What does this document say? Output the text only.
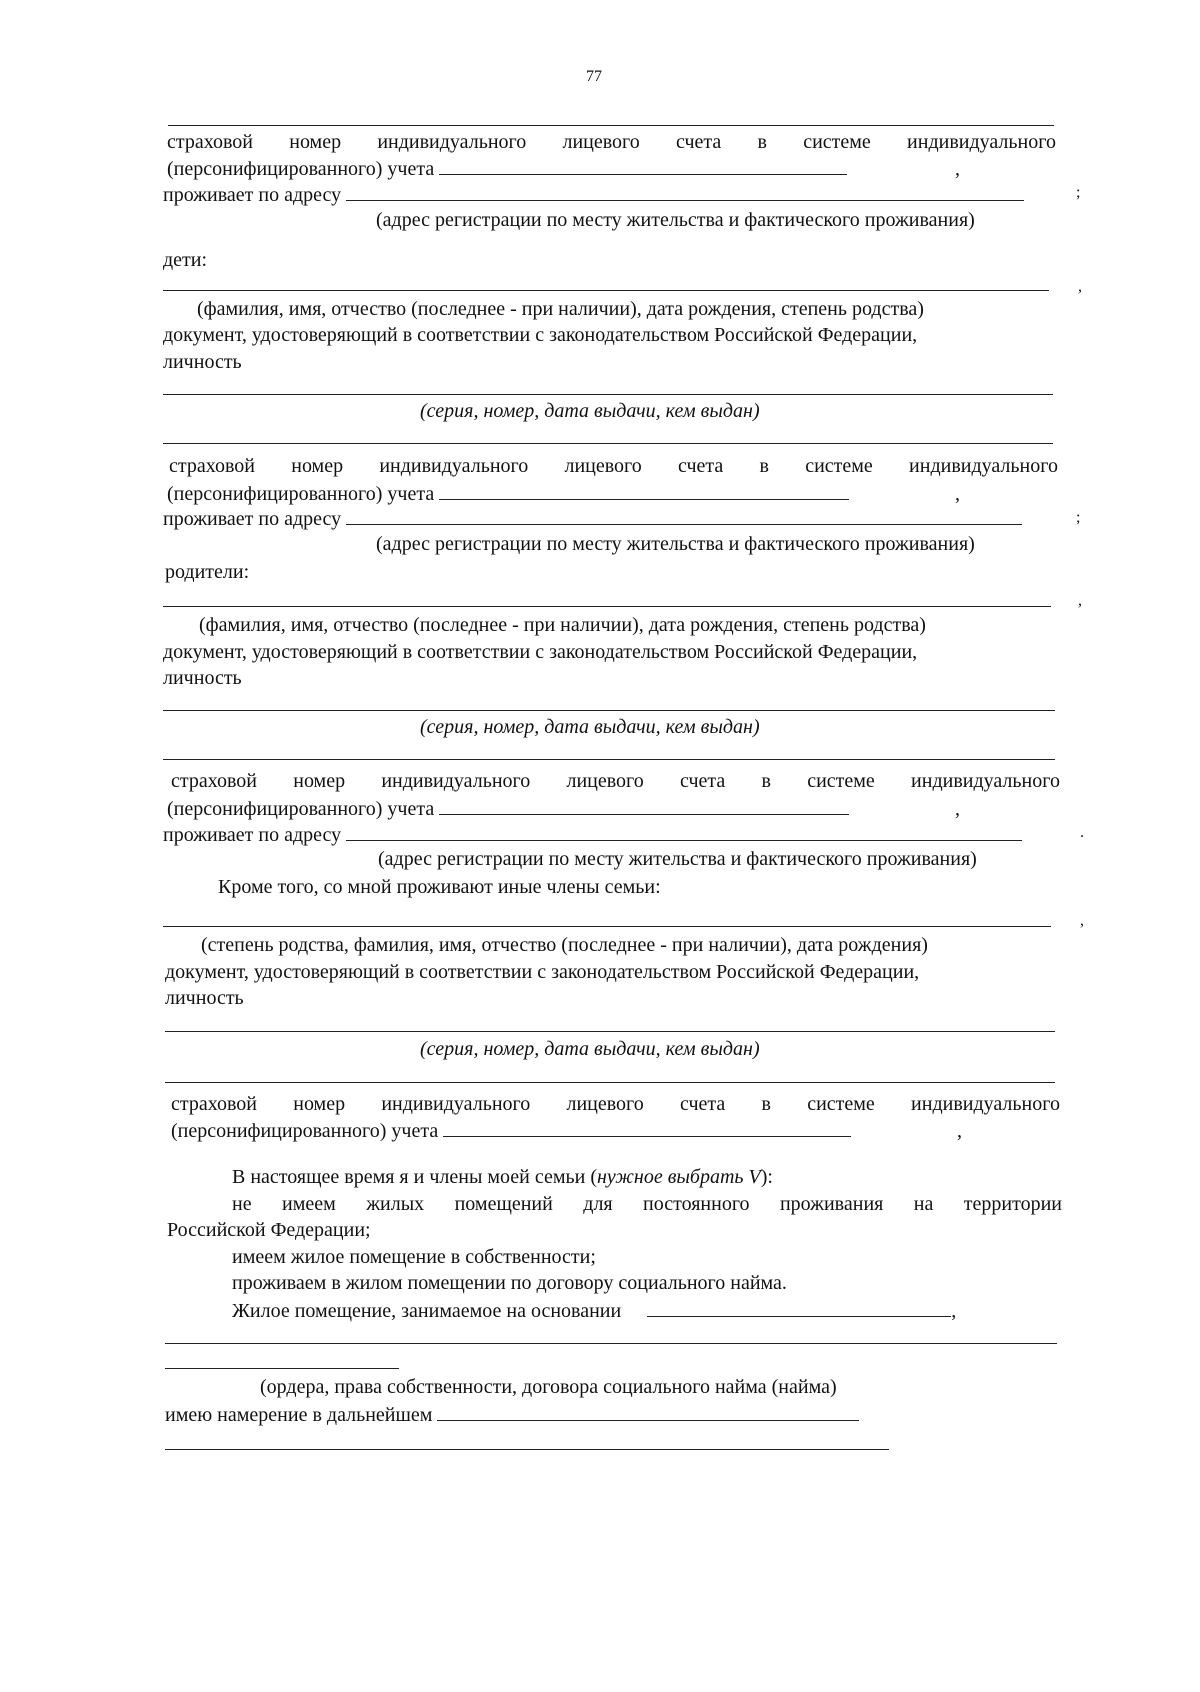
77
страховой номер индивидуального лицевого счета в системе индивидуального
(персонифицированного) учета	,
проживает по адресу	;
(адрес регистрации по месту жительства и фактического проживания)
дети:
,
(фамилия, имя, отчество (последнее - при наличии), дата рождения, степень родства)
документ, удостоверяющий в соответствии с законодательством Российской Федерации,
личность
(серия, номер, дата выдачи, кем выдан)
страховой номер индивидуального лицевого счета в системе индивидуального
(персонифицированного) учета	,
проживает по адресу	;
(адрес регистрации по месту жительства и фактического проживания)
родители:
,
(фамилия, имя, отчество (последнее - при наличии), дата рождения, степень родства)
документ, удостоверяющий в соответствии с законодательством Российской Федерации,
личность
(серия, номер, дата выдачи, кем выдан)
страховой номер индивидуального лицевого счета в системе индивидуального
(персонифицированного) учета	,
проживает по адресу	.
(адрес регистрации по месту жительства и фактического проживания)
Кроме того, со мной проживают иные члены семьи:
,
(степень родства, фамилия, имя, отчество (последнее - при наличии), дата рождения)
документ, удостоверяющий в соответствии с законодательством Российской Федерации,
личность
(серия, номер, дата выдачи, кем выдан)
страховой номер индивидуального лицевого счета в системе индивидуального
(персонифицированного) учета	,
В настоящее время я и члены моей семьи (нужное выбрать V):
не имеем жилых помещений для постоянного проживания на территории
Российской Федерации;
имеем жилое помещение в собственности;
проживаем в жилом помещении по договору социального найма.
Жилое помещение, занимаемое на основании	,
(ордера, права собственности, договора социального найма (найма)
имею намерение в дальнейшем
